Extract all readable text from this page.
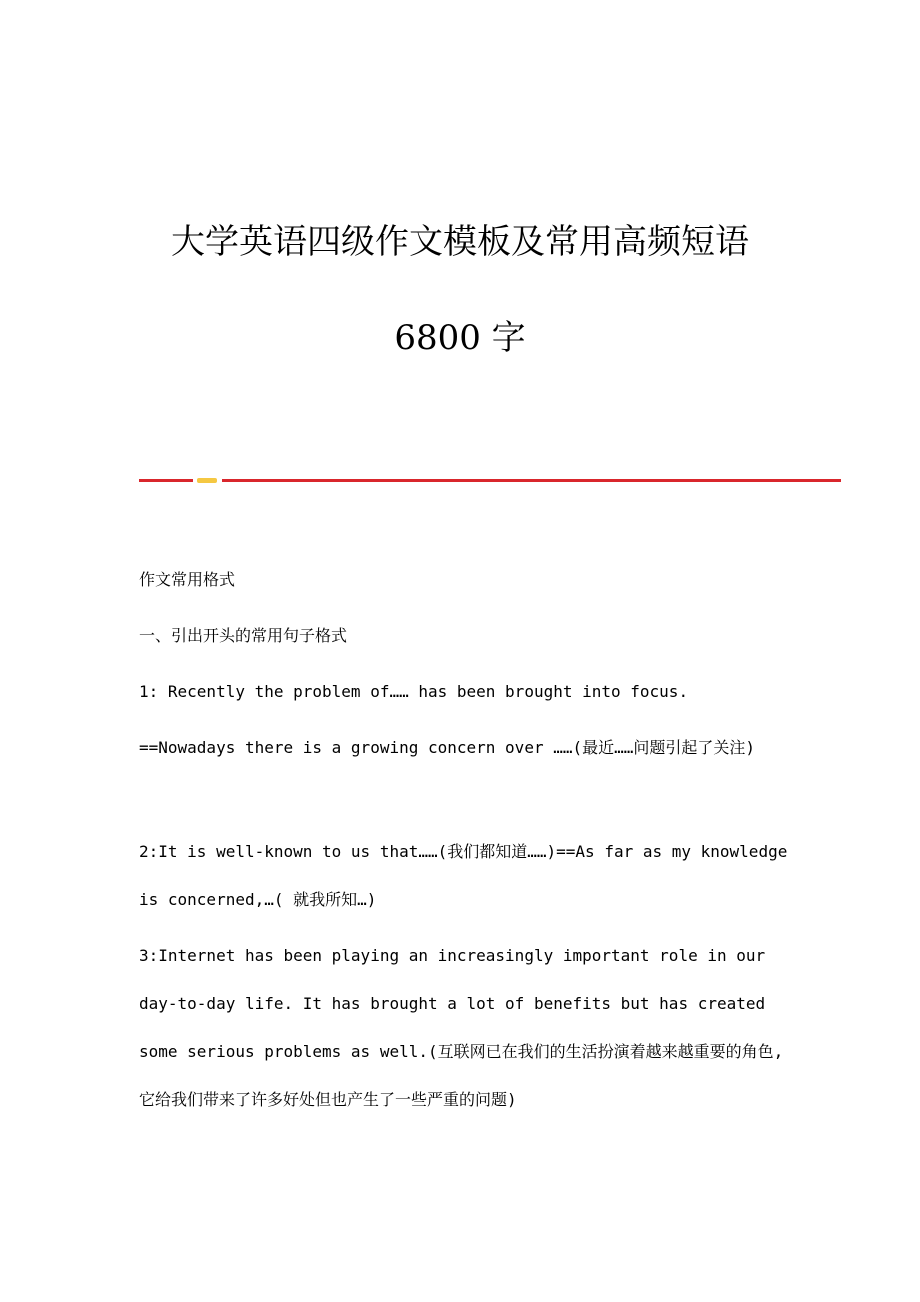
大学英语四级作文模板及常用高频短语
6800 字

作文常用格式

一、引出开头的常用句子格式

1: Recently the problem of…… has been brought into focus.

==Nowadays there is a growing concern over ……(最近……问题引起了关注)

2:It is well-known to us that……(我们都知道……)==As far as my knowledge is concerned,…( 就我所知…)

3:Internet has been playing an increasingly important role in our day-to-day life. It has brought a lot of benefits but has created some serious problems as well.(互联网已在我们的生活扮演着越来越重要的角色,它给我们带来了许多好处但也产生了一些严重的问题)
